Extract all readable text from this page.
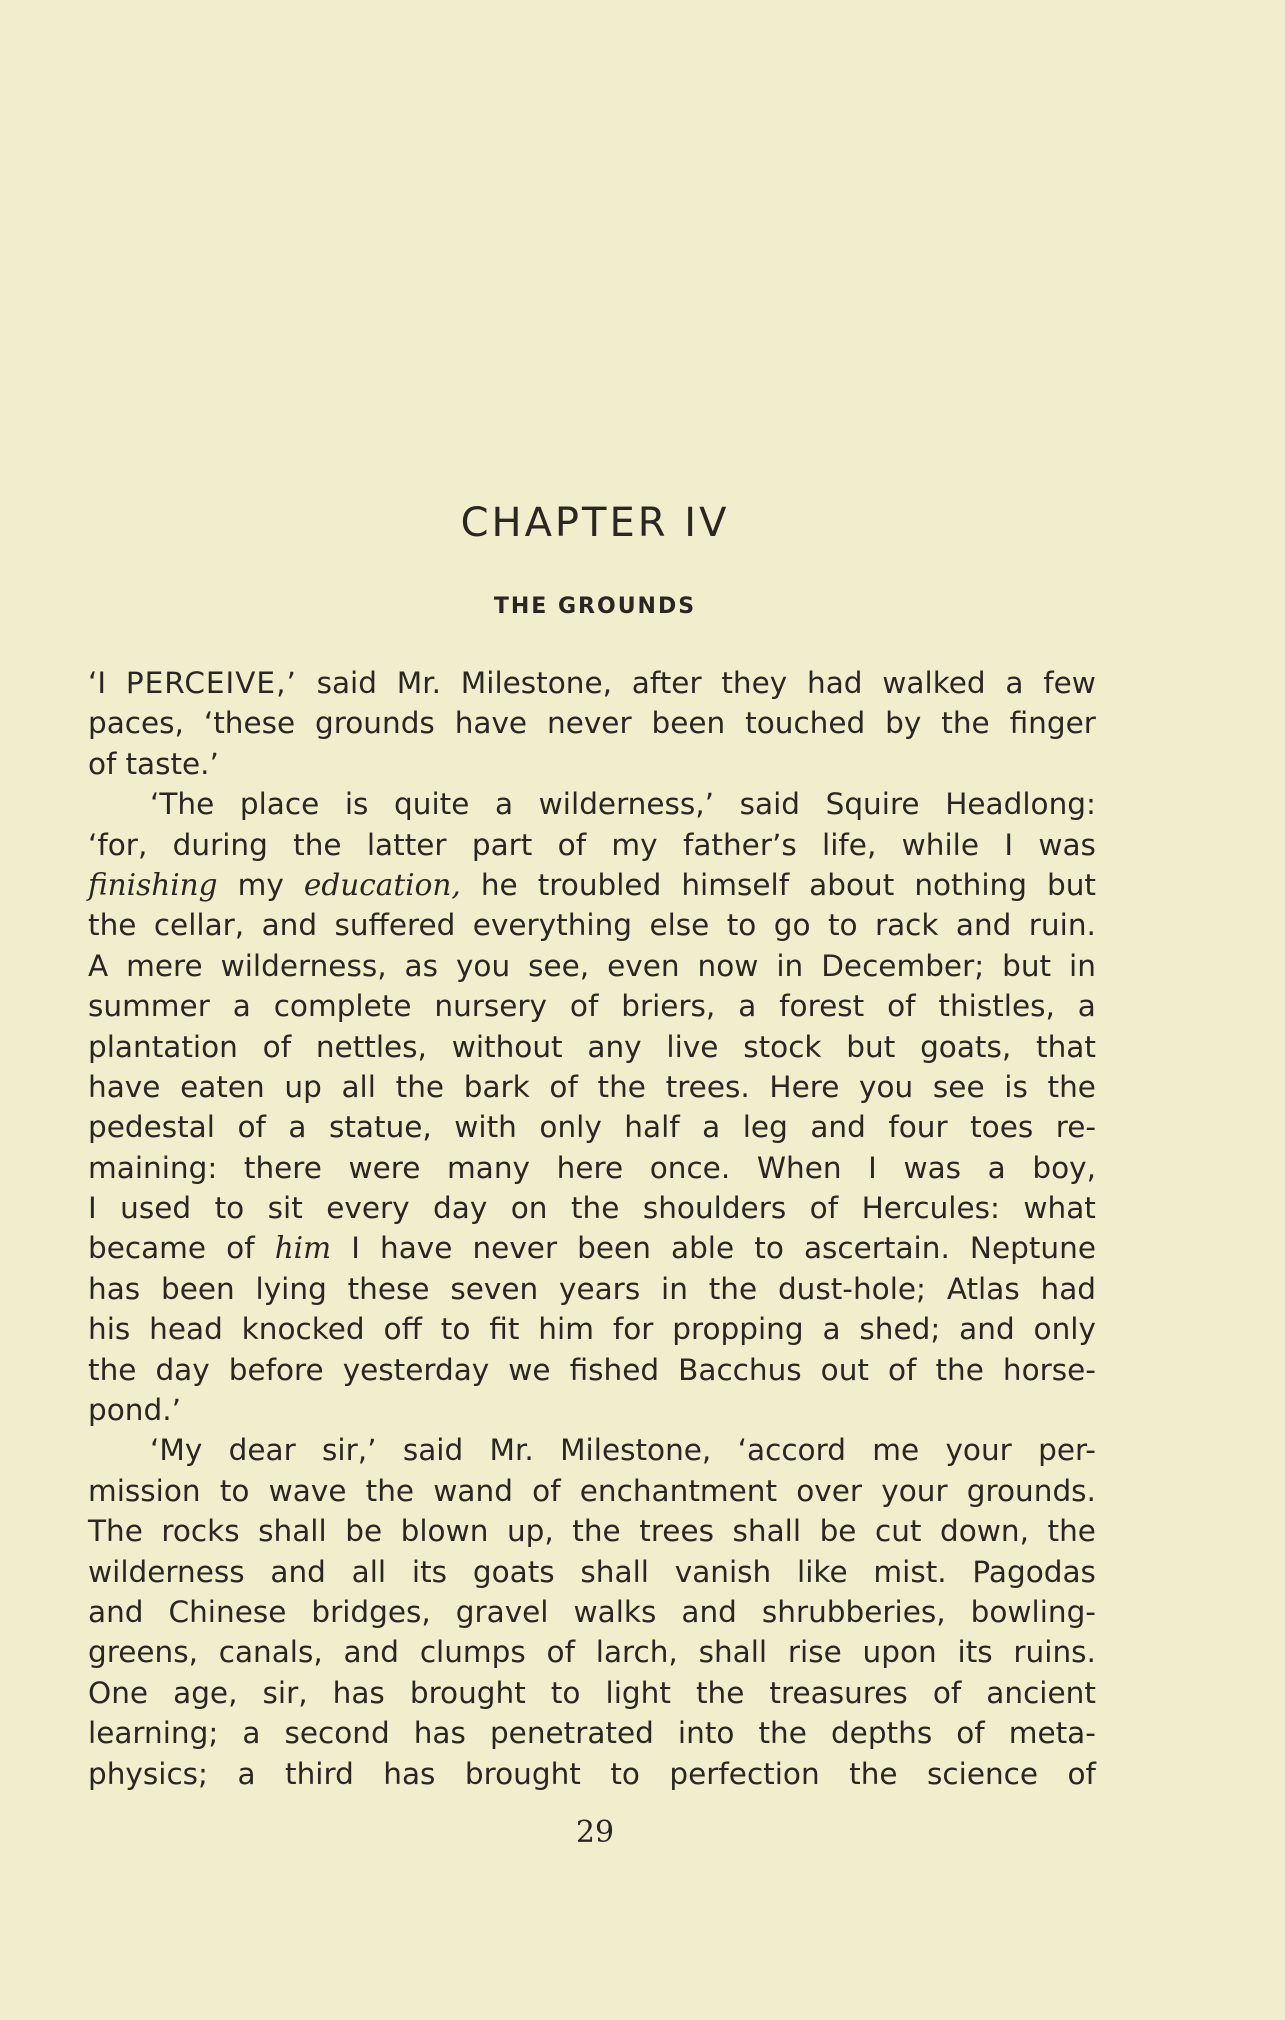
CHAPTER IV
THE GROUNDS
‘I PERCEIVE,’ said Mr. Milestone, after they had walked a few
paces, ‘these grounds have never been touched by the finger
of taste.’
‘The place is quite a wilderness,’ said Squire Headlong:
‘for, during the latter part of my father’s life, while I was
finishing my education, he troubled himself about nothing but
the cellar, and suffered everything else to go to rack and ruin.
A mere wilderness, as you see, even now in December; but in
summer a complete nursery of briers, a forest of thistles, a
plantation of nettles, without any live stock but goats, that
have eaten up all the bark of the trees. Here you see is the
pedestal of a statue, with only half a leg and four toes re-
maining: there were many here once. When I was a boy,
I used to sit every day on the shoulders of Hercules: what
became of him I have never been able to ascertain. Neptune
has been lying these seven years in the dust-hole; Atlas had
his head knocked off to fit him for propping a shed; and only
the day before yesterday we fished Bacchus out of the horse-
pond.’
‘My dear sir,’ said Mr. Milestone, ‘accord me your per-
mission to wave the wand of enchantment over your grounds.
The rocks shall be blown up, the trees shall be cut down, the
wilderness and all its goats shall vanish like mist. Pagodas
and Chinese bridges, gravel walks and shrubberies, bowling-
greens, canals, and clumps of larch, shall rise upon its ruins.
One age, sir, has brought to light the treasures of ancient
learning; a second has penetrated into the depths of meta-
physics; a third has brought to perfection the science of
29
